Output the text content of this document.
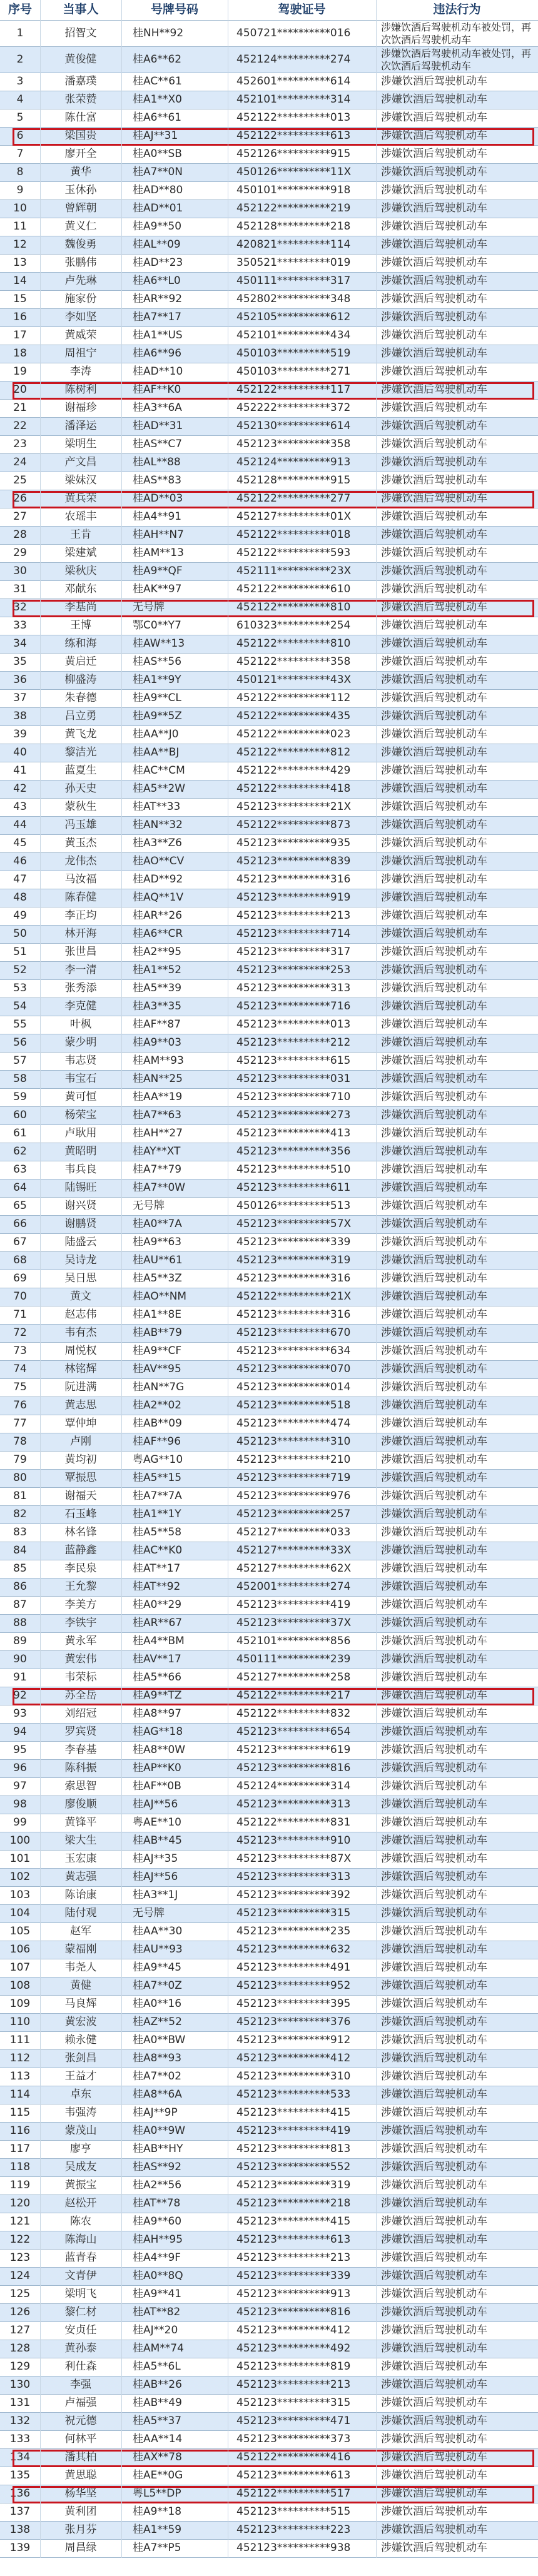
序号	当事人	号牌号码	驾驶证号	违法行为
1	招智文	桂NH**92	450721**********016	涉嫌饮酒后驾驶机动车被处罚，再次饮酒后驾驶机动车
2	黄俊健	桂A6**62	452124**********274	涉嫌饮酒后驾驶机动车被处罚，再次饮酒后驾驶机动车
3	潘嘉璞	桂AC**61	452601**********614	涉嫌饮酒后驾驶机动车
4	张荣赞	桂A1**X0	452101**********314	涉嫌饮酒后驾驶机动车
5	陈仕富	桂A6**61	452122**********013	涉嫌饮酒后驾驶机动车
6	梁国贵	桂AJ**31	452122**********613	涉嫌饮酒后驾驶机动车
7	廖开全	桂A0**SB	452126**********915	涉嫌饮酒后驾驶机动车
8	黄华	桂A7**0N	450126**********11X	涉嫌饮酒后驾驶机动车
9	玉休孙	桂AD**80	450101**********918	涉嫌饮酒后驾驶机动车
10	曾辉朝	桂AD**01	452122**********219	涉嫌饮酒后驾驶机动车
11	黄义仁	桂A9**50	452128**********218	涉嫌饮酒后驾驶机动车
12	魏俊勇	桂AL**09	420821**********114	涉嫌饮酒后驾驶机动车
13	张鹏伟	桂AD**23	350521**********019	涉嫌饮酒后驾驶机动车
14	卢先琳	桂A6**L0	450111**********317	涉嫌饮酒后驾驶机动车
15	施家份	桂AR**92	452802**********348	涉嫌饮酒后驾驶机动车
16	李如坚	桂A7**17	452105**********612	涉嫌饮酒后驾驶机动车
17	黄威荣	桂A1**US	452101**********434	涉嫌饮酒后驾驶机动车
18	周祖宁	桂A6**96	450103**********519	涉嫌饮酒后驾驶机动车
19	李涛	桂AD**10	450103**********271	涉嫌饮酒后驾驶机动车
20	陈树利	桂AF**K0	452122**********117	涉嫌饮酒后驾驶机动车
21	谢福珍	桂A3**6A	452222**********372	涉嫌饮酒后驾驶机动车
22	潘泽运	桂AD**31	452130**********614	涉嫌饮酒后驾驶机动车
23	梁明生	桂AS**C7	452123**********358	涉嫌饮酒后驾驶机动车
24	产文昌	桂AL**88	452124**********913	涉嫌饮酒后驾驶机动车
25	梁妹汉	桂AS**83	452128**********915	涉嫌饮酒后驾驶机动车
26	黄兵荣	桂AD**03	452122**********277	涉嫌饮酒后驾驶机动车
27	农瑶丰	桂A4**91	452127**********01X	涉嫌饮酒后驾驶机动车
28	王肯	桂AH**N7	452122**********018	涉嫌饮酒后驾驶机动车
29	梁建斌	桂AM**13	452122**********593	涉嫌饮酒后驾驶机动车
30	梁秋庆	桂A9**QF	452111**********23X	涉嫌饮酒后驾驶机动车
31	邓献东	桂AK**97	452122**********610	涉嫌饮酒后驾驶机动车
32	李基尚	无号牌	452122**********810	涉嫌饮酒后驾驶机动车
33	王博	鄂C0**Y7	610323**********254	涉嫌饮酒后驾驶机动车
34	练和海	桂AW**13	452122**********810	涉嫌饮酒后驾驶机动车
35	黄启迁	桂AS**56	452122**********358	涉嫌饮酒后驾驶机动车
36	柳盛涛	桂A1**9Y	450121**********43X	涉嫌饮酒后驾驶机动车
37	朱春德	桂A9**CL	452122**********112	涉嫌饮酒后驾驶机动车
38	吕立勇	桂A9**5Z	452122**********435	涉嫌饮酒后驾驶机动车
39	黄飞龙	桂AA**J0	452122**********023	涉嫌饮酒后驾驶机动车
40	黎洁光	桂AA**BJ	452122**********812	涉嫌饮酒后驾驶机动车
41	蓝夏生	桂AC**CM	452122**********429	涉嫌饮酒后驾驶机动车
42	孙天史	桂A5**2W	452122**********418	涉嫌饮酒后驾驶机动车
43	蒙秋生	桂AT**33	452123**********21X	涉嫌饮酒后驾驶机动车
44	冯玉雄	桂AN**32	452122**********873	涉嫌饮酒后驾驶机动车
45	黄玉杰	桂A3**Z6	452123**********935	涉嫌饮酒后驾驶机动车
46	龙伟杰	桂AO**CV	452123**********839	涉嫌饮酒后驾驶机动车
47	马汝福	桂AD**92	452123**********316	涉嫌饮酒后驾驶机动车
48	陈春健	桂AQ**1V	452123**********919	涉嫌饮酒后驾驶机动车
49	李正均	桂AR**26	452123**********213	涉嫌饮酒后驾驶机动车
50	林开海	桂A6**CR	452123**********714	涉嫌饮酒后驾驶机动车
51	张世昌	桂A2**95	452123**********317	涉嫌饮酒后驾驶机动车
52	李一清	桂A1**52	452123**********253	涉嫌饮酒后驾驶机动车
53	张秀添	桂A5**39	452123**********313	涉嫌饮酒后驾驶机动车
54	李克健	桂A3**35	452123**********716	涉嫌饮酒后驾驶机动车
55	叶枫	桂AF**87	452123**********013	涉嫌饮酒后驾驶机动车
56	蒙少明	桂A9**03	452123**********212	涉嫌饮酒后驾驶机动车
57	韦志贤	桂AM**93	452123**********615	涉嫌饮酒后驾驶机动车
58	韦宝石	桂AN**25	452123**********031	涉嫌饮酒后驾驶机动车
59	黄可恒	桂AA**19	452123**********710	涉嫌饮酒后驾驶机动车
60	杨荣宝	桂A7**63	452123**********273	涉嫌饮酒后驾驶机动车
61	卢耿用	桂AH**27	452123**********413	涉嫌饮酒后驾驶机动车
62	黄昭明	桂AY**XT	452123**********356	涉嫌饮酒后驾驶机动车
63	韦兵良	桂A7**79	452123**********510	涉嫌饮酒后驾驶机动车
64	陆锡旺	桂A7**0W	452123**********611	涉嫌饮酒后驾驶机动车
65	谢兴贤	无号牌	450126**********513	涉嫌饮酒后驾驶机动车
66	谢鹏贤	桂A0**7A	452123**********57X	涉嫌饮酒后驾驶机动车
67	陆盛云	桂A9**63	452123**********339	涉嫌饮酒后驾驶机动车
68	吴诗龙	桂AU**61	452123**********319	涉嫌饮酒后驾驶机动车
69	吴日思	桂A5**3Z	452123**********316	涉嫌饮酒后驾驶机动车
70	黄文	桂AO**NM	452122**********21X	涉嫌饮酒后驾驶机动车
71	赵志伟	桂A1**8E	452123**********316	涉嫌饮酒后驾驶机动车
72	韦有杰	桂AB**79	452123**********670	涉嫌饮酒后驾驶机动车
73	周悦权	桂A9**CF	452123**********634	涉嫌饮酒后驾驶机动车
74	林铭辉	桂AV**95	452123**********070	涉嫌饮酒后驾驶机动车
75	阮进满	桂AN**7G	452123**********014	涉嫌饮酒后驾驶机动车
76	黄志思	桂A2**02	452123**********518	涉嫌饮酒后驾驶机动车
77	覃仲坤	桂AB**09	452123**********474	涉嫌饮酒后驾驶机动车
78	卢刚	桂AF**96	452123**********310	涉嫌饮酒后驾驶机动车
79	黄均初	粤AG**10	452123**********210	涉嫌饮酒后驾驶机动车
80	覃振思	桂A5**15	452123**********719	涉嫌饮酒后驾驶机动车
81	谢福天	桂A7**7A	452123**********976	涉嫌饮酒后驾驶机动车
82	石玉峰	桂A1**1Y	452123**********257	涉嫌饮酒后驾驶机动车
83	林名锋	桂A5**58	452127**********033	涉嫌饮酒后驾驶机动车
84	蓝静鑫	桂AC**K0	452127**********33X	涉嫌饮酒后驾驶机动车
85	李民泉	桂AT**17	452127**********62X	涉嫌饮酒后驾驶机动车
86	王允黎	桂AT**92	452001**********274	涉嫌饮酒后驾驶机动车
87	李美方	桂A0**29	452123**********419	涉嫌饮酒后驾驶机动车
88	李铁宇	桂AR**67	452123**********37X	涉嫌饮酒后驾驶机动车
89	黄永军	桂A4**BM	452101**********856	涉嫌饮酒后驾驶机动车
90	黄宏伟	桂AV**17	450111**********239	涉嫌饮酒后驾驶机动车
91	韦荣标	桂A5**66	452127**********258	涉嫌饮酒后驾驶机动车
92	苏全岳	桂A9**TZ	452122**********217	涉嫌饮酒后驾驶机动车
93	刘绍冠	桂A8**97	452122**********832	涉嫌饮酒后驾驶机动车
94	罗宾贤	桂AG**18	452123**********654	涉嫌饮酒后驾驶机动车
95	李春基	桂A8**0W	452123**********619	涉嫌饮酒后驾驶机动车
96	陈科振	桂AP**K0	452123**********816	涉嫌饮酒后驾驶机动车
97	索思智	桂AF**0B	452124**********314	涉嫌饮酒后驾驶机动车
98	廖俊顺	桂AJ**56	452123**********313	涉嫌饮酒后驾驶机动车
99	黄锋平	粤AE**10	452122**********831	涉嫌饮酒后驾驶机动车
100	梁大生	桂AB**45	452123**********910	涉嫌饮酒后驾驶机动车
101	玉宏康	桂AJ**35	452123**********87X	涉嫌饮酒后驾驶机动车
102	黄志强	桂AJ**56	452123**********313	涉嫌饮酒后驾驶机动车
103	陈诒康	桂A3**1J	452123**********392	涉嫌饮酒后驾驶机动车
104	陆付观	无号牌	452123**********315	涉嫌饮酒后驾驶机动车
105	赵军	桂AA**30	452123**********235	涉嫌饮酒后驾驶机动车
106	蒙福刚	桂AU**93	452123**********632	涉嫌饮酒后驾驶机动车
107	韦尧人	桂A9**45	452123**********491	涉嫌饮酒后驾驶机动车
108	黄健	桂A7**0Z	452123**********952	涉嫌饮酒后驾驶机动车
109	马良辉	桂A0**16	452123**********395	涉嫌饮酒后驾驶机动车
110	黄宏波	桂AZ**52	452123**********376	涉嫌饮酒后驾驶机动车
111	赖永健	桂A0**BW	452123**********912	涉嫌饮酒后驾驶机动车
112	张剑昌	桂A8**93	452123**********412	涉嫌饮酒后驾驶机动车
113	王益才	桂A7**02	452123**********310	涉嫌饮酒后驾驶机动车
114	卓东	桂A8**6A	452123**********533	涉嫌饮酒后驾驶机动车
115	韦强涛	桂AJ**9P	452123**********415	涉嫌饮酒后驾驶机动车
116	蒙茂山	桂A0**9W	452123**********419	涉嫌饮酒后驾驶机动车
117	廖亨	桂AB**HY	452123**********813	涉嫌饮酒后驾驶机动车
118	吴成友	桂AS**92	452123**********552	涉嫌饮酒后驾驶机动车
119	黄振宝	桂A2**56	452123**********319	涉嫌饮酒后驾驶机动车
120	赵松开	桂AT**78	452123**********218	涉嫌饮酒后驾驶机动车
121	陈农	桂A9**60	452123**********415	涉嫌饮酒后驾驶机动车
122	陈海山	桂AH**95	452123**********613	涉嫌饮酒后驾驶机动车
123	蓝青春	桂A4**9F	452123**********213	涉嫌饮酒后驾驶机动车
124	文青伊	桂A0**8Q	452123**********339	涉嫌饮酒后驾驶机动车
125	梁明飞	桂A9**41	452123**********913	涉嫌饮酒后驾驶机动车
126	黎仁材	桂AT**82	452123**********816	涉嫌饮酒后驾驶机动车
127	安贞任	桂AJ**20	452123**********412	涉嫌饮酒后驾驶机动车
128	黄孙泰	桂AM**74	452123**********492	涉嫌饮酒后驾驶机动车
129	利仕森	桂A5**6L	452123**********819	涉嫌饮酒后驾驶机动车
130	李强	桂AB**26	452123**********213	涉嫌饮酒后驾驶机动车
131	卢福强	桂AB**49	452123**********315	涉嫌饮酒后驾驶机动车
132	祝元德	桂A5**37	452123**********471	涉嫌饮酒后驾驶机动车
133	何林平	桂AA**14	452123**********373	涉嫌饮酒后驾驶机动车
134	潘其柏	桂AX**78	452122**********416	涉嫌饮酒后驾驶机动车
135	黄思聪	桂AE**0G	452123**********613	涉嫌饮酒后驾驶机动车
136	杨华坚	粤L5**DP	452122**********517	涉嫌饮酒后驾驶机动车
137	黄利团	桂A9**18	452123**********515	涉嫌饮酒后驾驶机动车
138	张月芬	桂A1**59	452123**********223	涉嫌饮酒后驾驶机动车
139	周昌绿	桂A7**P5	452123**********938	涉嫌饮酒后驾驶机动车
